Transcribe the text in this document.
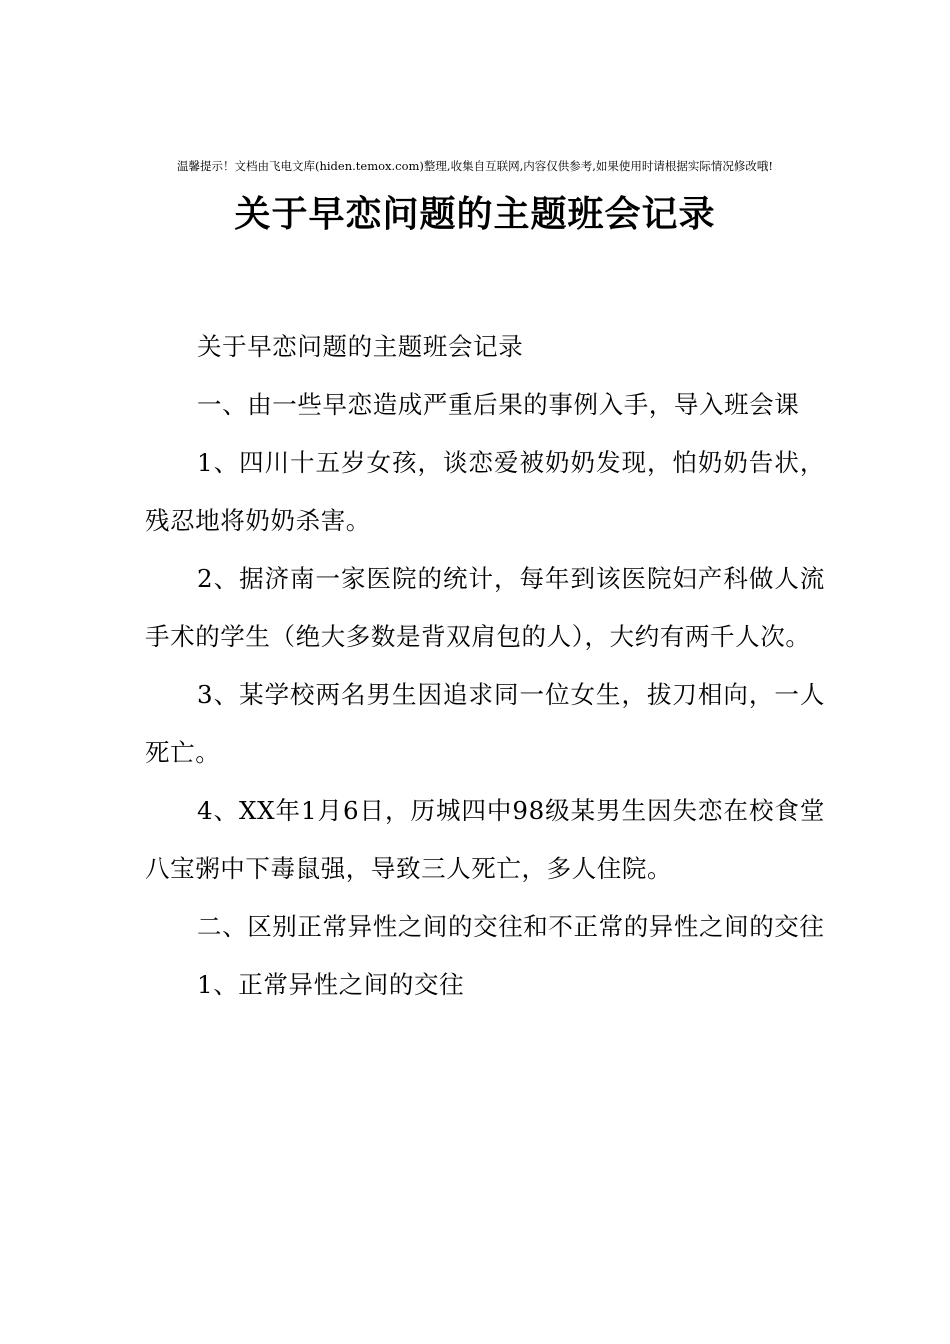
温馨提示！文档由飞电文库(hiden.temox.com)整理,收集自互联网,内容仅供参考,如果使用时请根据实际情况修改哦!
关于早恋问题的主题班会记录

关于早恋问题的主题班会记录

一、由一些早恋造成严重后果的事例入手，导入班会课

1、四川十五岁女孩，谈恋爱被奶奶发现，怕奶奶告状，残忍地将奶奶杀害。

2、据济南一家医院的统计，每年到该医院妇产科做人流手术的学生（绝大多数是背双肩包的人），大约有两千人次。

3、某学校两名男生因追求同一位女生，拔刀相向，一人死亡。

4、XX年1月6日，历城四中98级某男生因失恋在校食堂八宝粥中下毒鼠强，导致三人死亡，多人住院。

二、区别正常异性之间的交往和不正常的异性之间的交往

1、正常异性之间的交往
